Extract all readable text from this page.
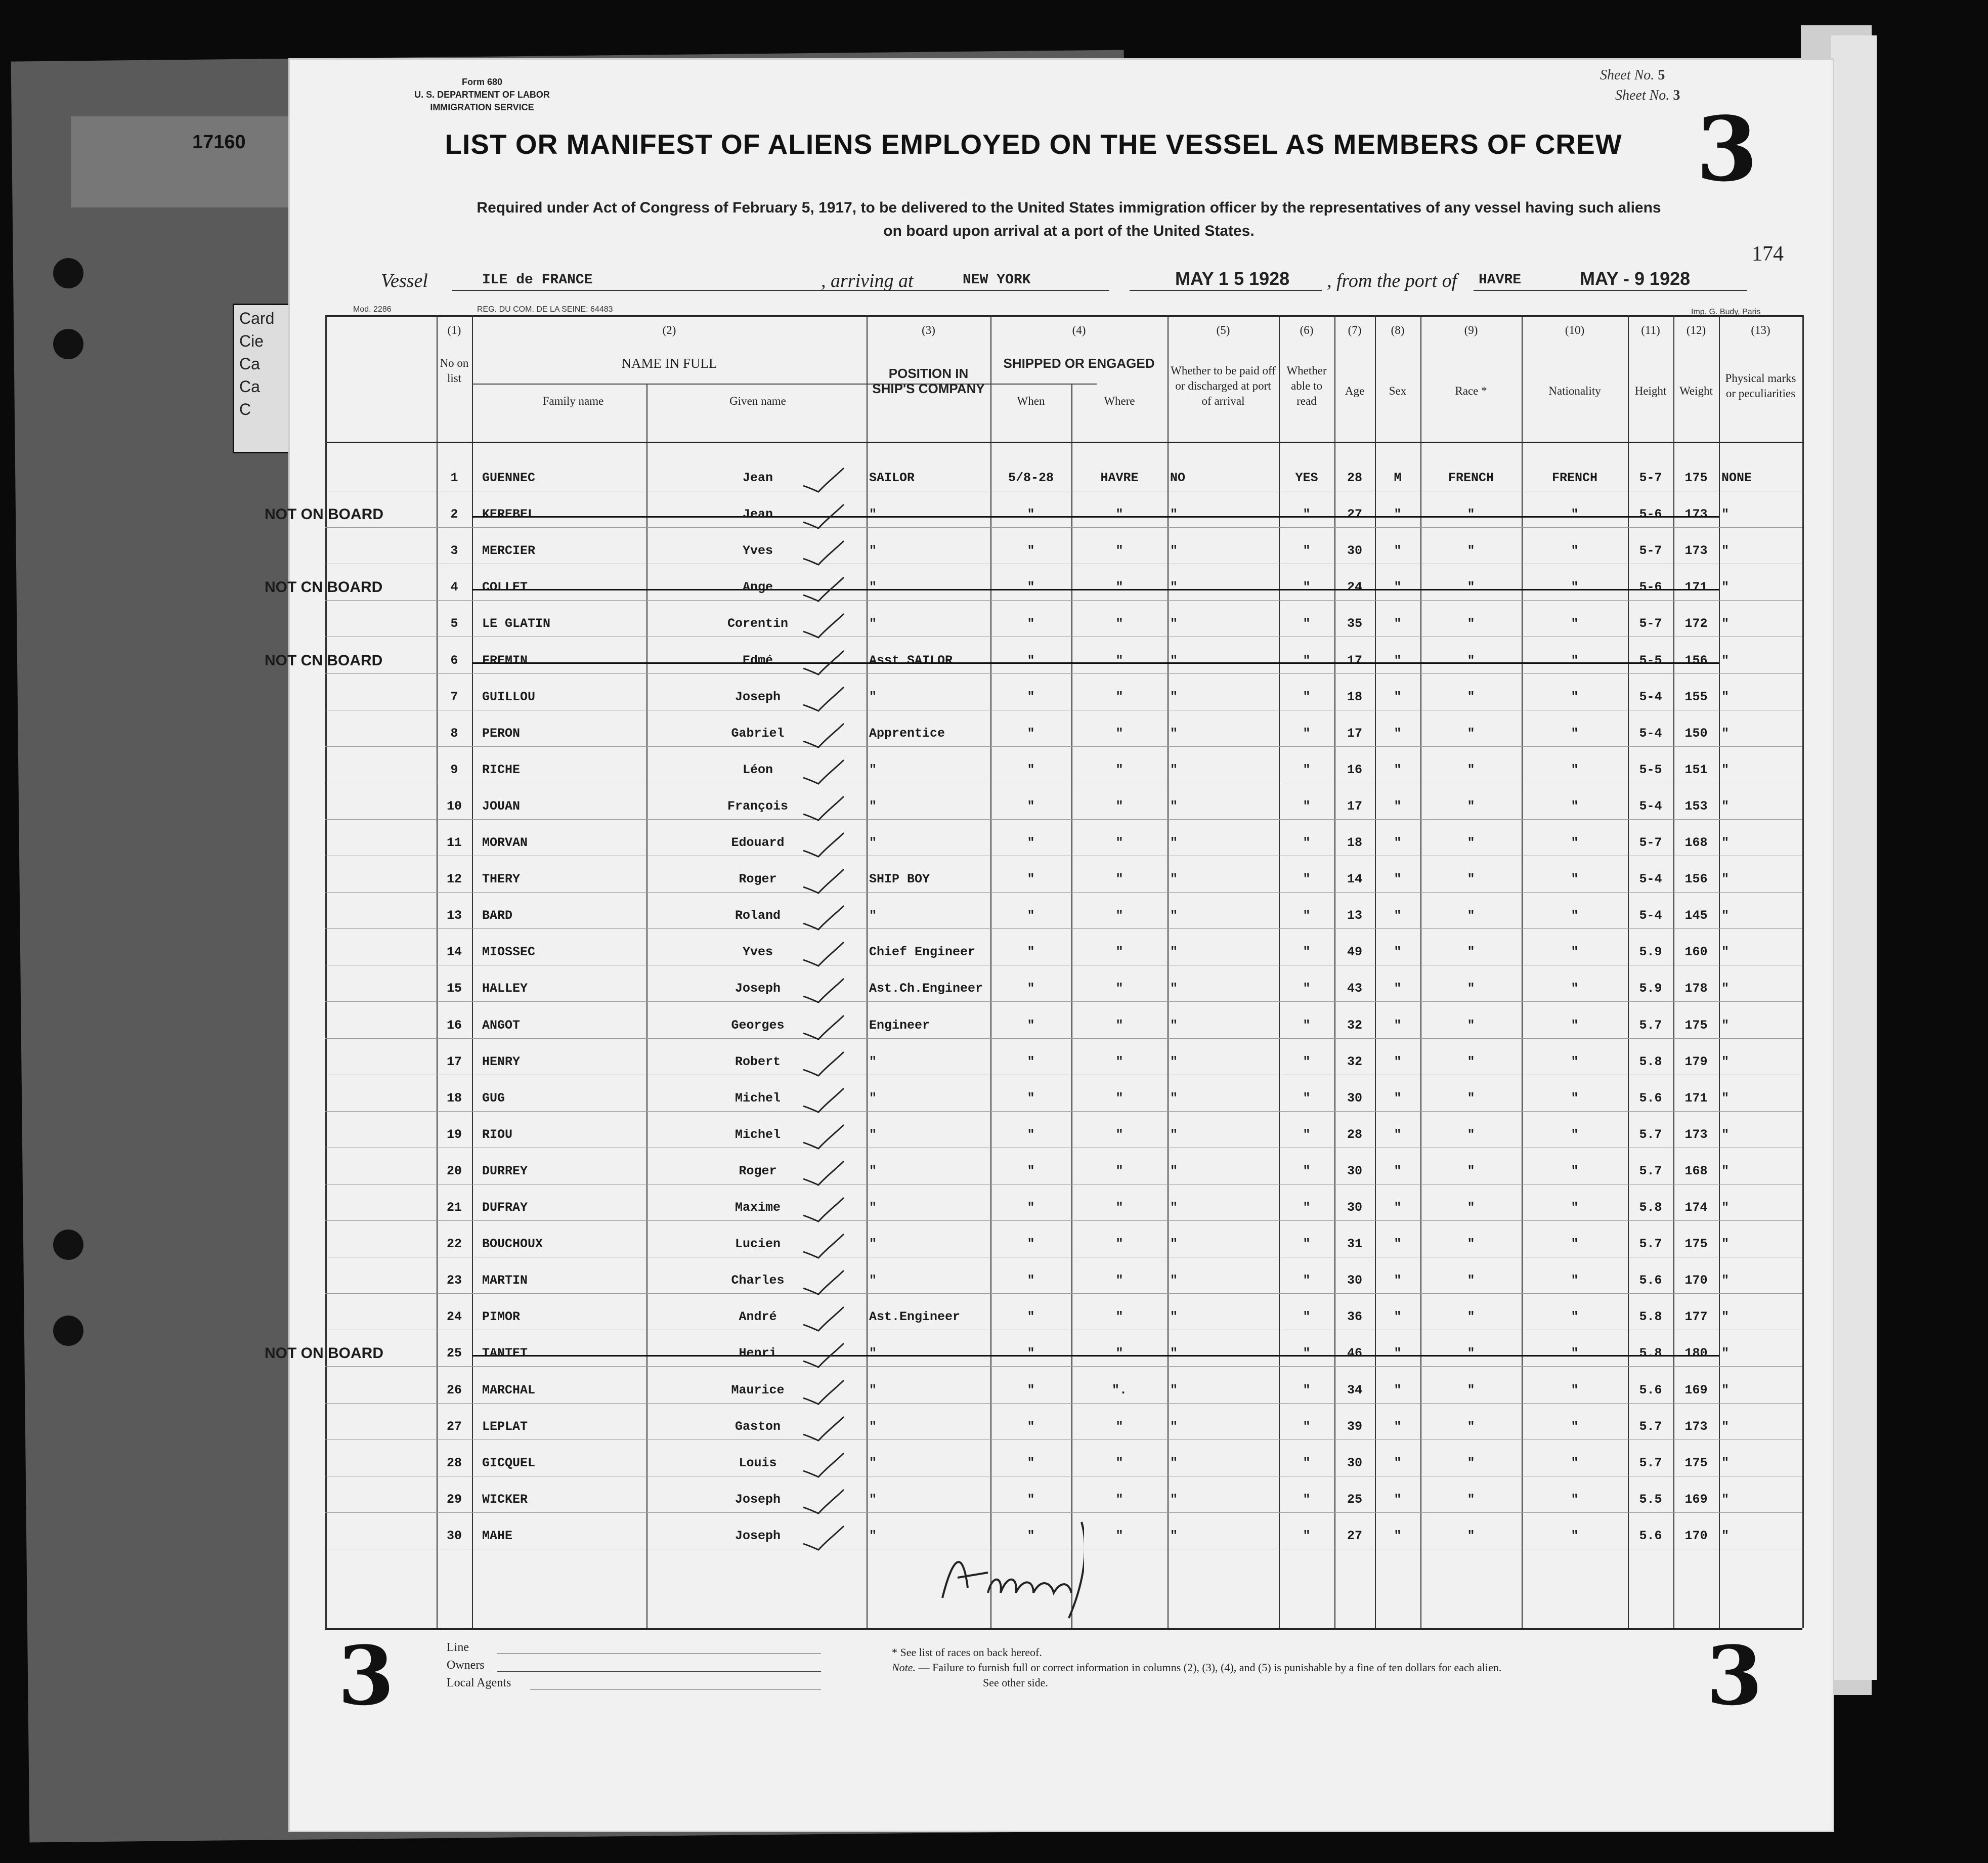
17160
Card
Cie
Ca
Ca
C
Form 680
U. S. DEPARTMENT OF LABOR
IMMIGRATION SERVICE
Sheet No. 5
Sheet No. 3
LIST OR MANIFEST OF ALIENS EMPLOYED ON THE VESSEL AS MEMBERS OF CREW 3
Required under Act of Congress of February 5, 1917, to be delivered to the United States immigration officer by the representatives of any vessel having such aliens
on board upon arrival at a port of the United States.
174
Vessel	ILE de FRANCE	, arriving at	NEW YORK	MAY 1 5 1928 , from the port of HAVRE	MAY - 9 1928
Mod. 2286	REG. DU COM. DE LA SEINE: 64483	Imp. G. Budy, Paris
(1)
No on list
(2)
NAME IN FULL
Family name	Given name
(3)
POSITION IN SHIP'S COMPANY
(4)
SHIPPED OR ENGAGED
When	Where
(5)
Whether to be paid off or discharged at port of arrival
(6)
Whether able to read
(7)
Age
(8)
Sex
(9)
Race *
(10)
Nationality
(11)
Height
(12)
Weight
(13)
Physical marks or peculiarities
1	GUENNEC	Jean	SAILOR	5/8-28	HAVRE	NO	YES	28	M	FRENCH	FRENCH	5-7	175	NONE
2	KEREBEL	Jean	"	"	"	"	"	27	"	"	"	5-6	173	"
NOT ON BOARD
3	MERCIER	Yves	"	"	"	"	"	30	"	"	"	5-7	173	"
4	COLLET	Ange	"	"	"	"	"	24	"	"	"	5-6	171	"
NOT CN BOARD
5	LE GLATIN	Corentin	"	"	"	"	"	35	"	"	"	5-7	172	"
6	FREMIN	Edmé	Asst SAILOR	"	"	"	"	17	"	"	"	5-5	156	"
NOT CN BOARD
7	GUILLOU	Joseph	"	"	"	"	"	18	"	"	"	5-4	155	"
8	PERON	Gabriel	Apprentice	"	"	"	"	17	"	"	"	5-4	150	"
9	RICHE	Léon	"	"	"	"	"	16	"	"	"	5-5	151	"
10	JOUAN	François	"	"	"	"	"	17	"	"	"	5-4	153	"
11	MORVAN	Edouard	"	"	"	"	"	18	"	"	"	5-7	168	"
12	THERY	Roger	SHIP BOY	"	"	"	"	14	"	"	"	5-4	156	"
13	BARD	Roland	"	"	"	"	"	13	"	"	"	5-4	145	"
14	MIOSSEC	Yves	Chief Engineer	"	"	"	"	49	"	"	"	5.9	160	"
15	HALLEY	Joseph	Ast.Ch.Engineer	"	"	"	"	43	"	"	"	5.9	178	"
16	ANGOT	Georges	Engineer	"	"	"	"	32	"	"	"	5.7	175	"
17	HENRY	Robert	"	"	"	"	"	32	"	"	"	5.8	179	"
18	GUG	Michel	"	"	"	"	"	30	"	"	"	5.6	171	"
19	RIOU	Michel	"	"	"	"	"	28	"	"	"	5.7	173	"
20	DURREY	Roger	"	"	"	"	"	30	"	"	"	5.7	168	"
21	DUFRAY	Maxime	"	"	"	"	"	30	"	"	"	5.8	174	"
22	BOUCHOUX	Lucien	"	"	"	"	"	31	"	"	"	5.7	175	"
23	MARTIN	Charles	"	"	"	"	"	30	"	"	"	5.6	170	"
24	PIMOR	André	Ast.Engineer	"	"	"	"	36	"	"	"	5.8	177	"
25	TANTET	Henri	"	"	"	"	"	46	"	"	"	5.8	180	"
NOT ON BOARD
26	MARCHAL	Maurice	"	"	".	"	"	34	"	"	"	5.6	169	"
27	LEPLAT	Gaston	"	"	"	"	"	39	"	"	"	5.7	173	"
28	GICQUEL	Louis	"	"	"	"	"	30	"	"	"	5.7	175	"
29	WICKER	Joseph	"	"	"	"	"	25	"	"	"	5.5	169	"
30	MAHE	Joseph	"	"	"	"	"	27	"	"	"	5.6	170	"
Line
Owners
Local Agents
3	3
* See list of races on back hereof.
Note. — Failure to furnish full or correct information in columns (2), (3), (4), and (5) is punishable by a fine of ten dollars for each alien.
See other side.
